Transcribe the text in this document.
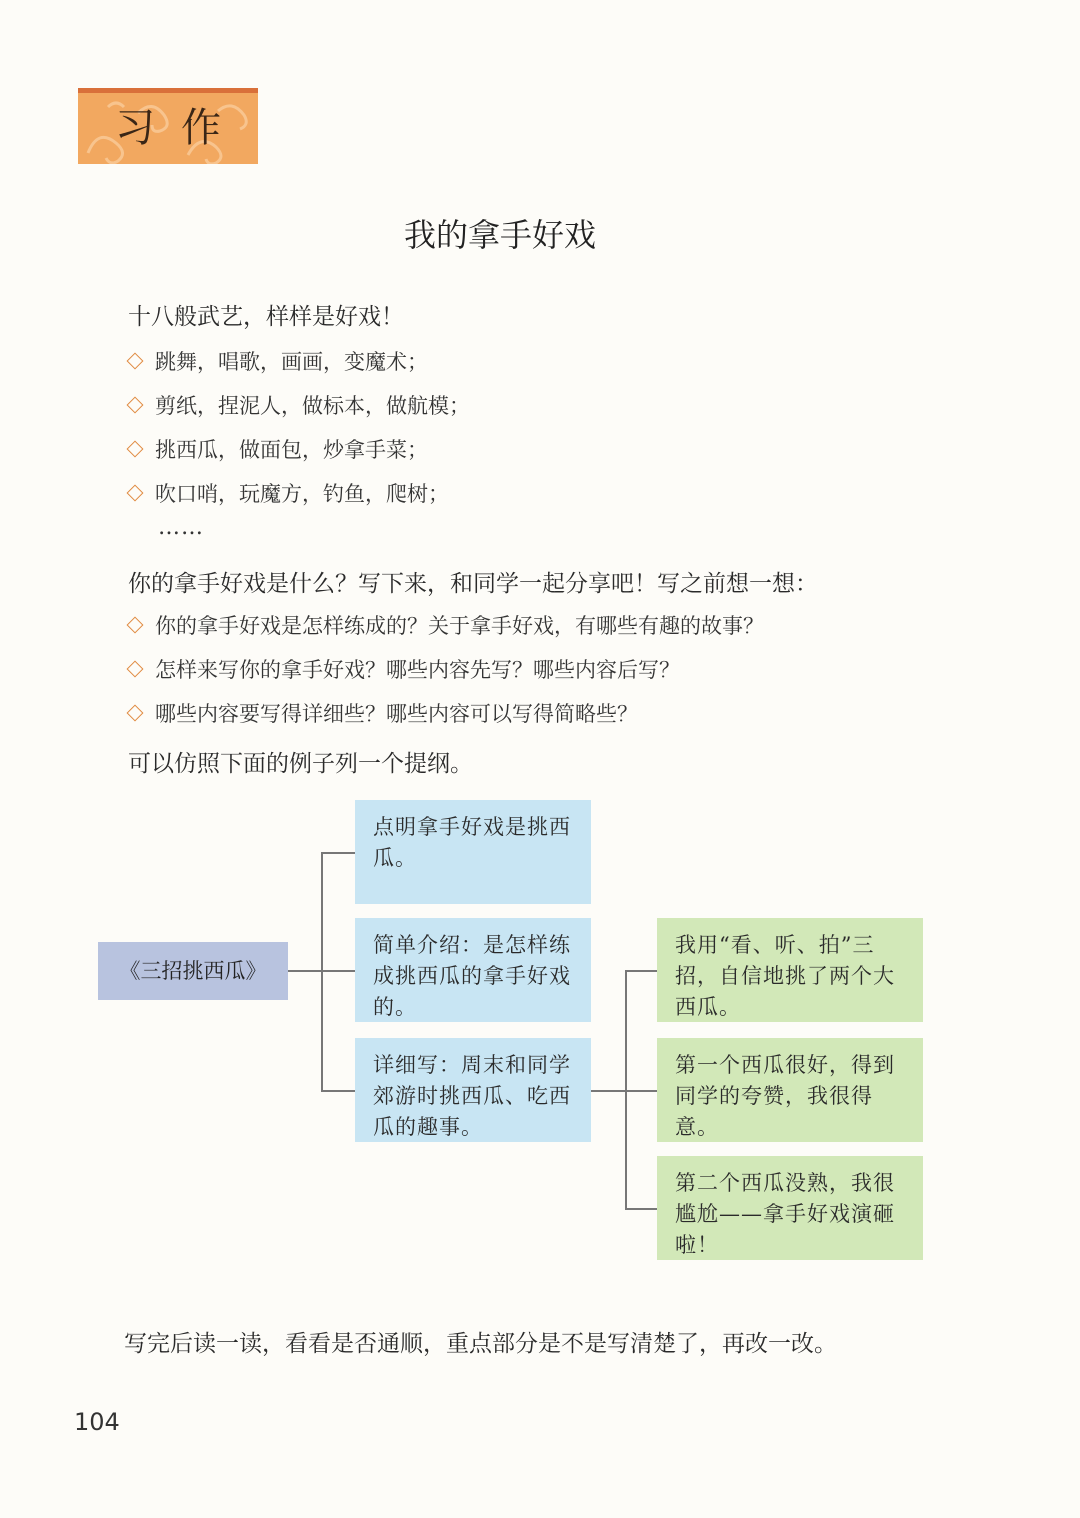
习作
我的拿手好戏
十八般武艺，样样是好戏！
跳舞，唱歌，画画，变魔术；
剪纸，捏泥人，做标本，做航模；
挑西瓜，做面包，炒拿手菜；
吹口哨，玩魔方，钓鱼，爬树；
……
你的拿手好戏是什么？写下来，和同学一起分享吧！写之前想一想：
你的拿手好戏是怎样练成的？关于拿手好戏，有哪些有趣的故事？
怎样来写你的拿手好戏？哪些内容先写？哪些内容后写？
哪些内容要写得详细些？哪些内容可以写得简略些？
可以仿照下面的例子列一个提纲。
《三招挑西瓜》
点明拿手好戏是挑西瓜。
简单介绍：是怎样练成挑西瓜的拿手好戏的。
详细写：周末和同学郊游时挑西瓜、吃西瓜的趣事。
我用“看、听、拍”三招，自信地挑了两个大西瓜。
第一个西瓜很好，得到同学的夸赞，我很得意。
第二个西瓜没熟，我很尴尬——拿手好戏演砸啦！
写完后读一读，看看是否通顺，重点部分是不是写清楚了，再改一改。
104
